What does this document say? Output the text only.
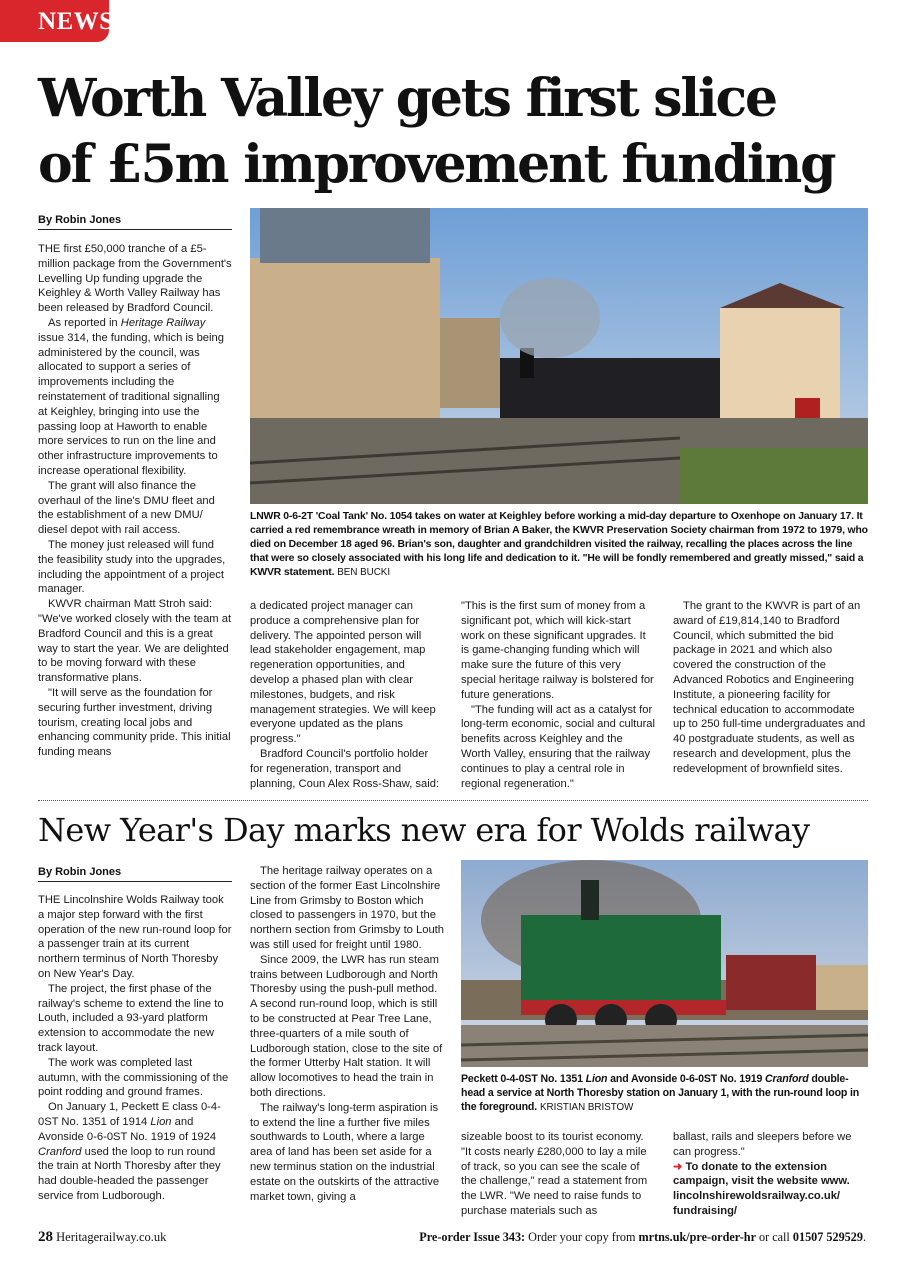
NEWS
Worth Valley gets first slice
of £5m improvement funding
By Robin Jones

THE first £50,000 tranche of a £5-million package from the Government's Levelling Up funding upgrade the Keighley & Worth Valley Railway has been released by Bradford Council.

As reported in Heritage Railway issue 314, the funding, which is being administered by the council, was allocated to support a series of improvements including the reinstatement of traditional signalling at Keighley, bringing into use the passing loop at Haworth to enable more services to run on the line and other infrastructure improvements to increase operational flexibility.

The grant will also finance the overhaul of the line's DMU fleet and the establishment of a new DMU/ diesel depot with rail access.

The money just released will fund the feasibility study into the upgrades, including the appointment of a project manager.

KWVR chairman Matt Stroh said: "We've worked closely with the team at Bradford Council and this is a great way to start the year. We are delighted to be moving forward with these transformative plans.

"It will serve as the foundation for securing further investment, driving tourism, creating local jobs and enhancing community pride. This initial funding means

LNWR 0-6-2T 'Coal Tank' No. 1054 takes on water at Keighley before working a mid-day departure to Oxenhope on January 17. It carried a red remembrance wreath in memory of Brian A Baker, the KWVR Preservation Society chairman from 1972 to 1979, who died on December 18 aged 96. Brian's son, daughter and grandchildren visited the railway, recalling the places across the line that were so closely associated with his long life and dedication to it. "He will be fondly remembered and greatly missed," said a KWVR statement. BEN BUCKI

a dedicated project manager can produce a comprehensive plan for delivery. The appointed person will lead stakeholder engagement, map regeneration opportunities, and develop a phased plan with clear milestones, budgets, and risk management strategies. We will keep everyone updated as the plans progress."

Bradford Council's portfolio holder for regeneration, transport and planning, Coun Alex Ross-Shaw, said:

"This is the first sum of money from a significant pot, which will kick-start work on these significant upgrades. It is game-changing funding which will make sure the future of this very special heritage railway is bolstered for future generations.

"The funding will act as a catalyst for long-term economic, social and cultural benefits across Keighley and the Worth Valley, ensuring that the railway continues to play a central role in regional regeneration."

The grant to the KWVR is part of an award of £19,814,140 to Bradford Council, which submitted the bid package in 2021 and which also covered the construction of the Advanced Robotics and Engineering Institute, a pioneering facility for technical education to accommodate up to 250 full-time undergraduates and 40 postgraduate students, as well as research and development, plus the redevelopment of brownfield sites.

New Year's Day marks new era for Wolds railway
By Robin Jones

THE Lincolnshire Wolds Railway took a major step forward with the first operation of the new run-round loop for a passenger train at its current northern terminus of North Thoresby on New Year's Day.

The project, the first phase of the railway's scheme to extend the line to Louth, included a 93-yard platform extension to accommodate the new track layout.

The work was completed last autumn, with the commissioning of the point rodding and ground frames.

On January 1, Peckett E class 0-4-0ST No. 1351 of 1914 Lion and Avonside 0-6-0ST No. 1919 of 1924 Cranford used the loop to run round the train at North Thoresby after they had double-headed the passenger service from Ludborough.

The heritage railway operates on a section of the former East Lincolnshire Line from Grimsby to Boston which closed to passengers in 1970, but the northern section from Grimsby to Louth was still used for freight until 1980.

Since 2009, the LWR has run steam trains between Ludborough and North Thoresby using the push-pull method. A second run-round loop, which is still to be constructed at Pear Tree Lane, three-quarters of a mile south of Ludborough station, close to the site of the former Utterby Halt station. It will allow locomotives to head the train in both directions.

The railway's long-term aspiration is to extend the line a further five miles southwards to Louth, where a large area of land has been set aside for a new terminus station on the industrial estate on the outskirts of the attractive market town, giving a

Peckett 0-4-0ST No. 1351 Lion and Avonside 0-6-0ST No. 1919 Cranford double-head a service at North Thoresby station on January 1, with the run-round loop in the foreground. KRISTIAN BRISTOW

sizeable boost to its tourist economy. "It costs nearly £280,000 to lay a mile of track, so you can see the scale of the challenge," read a statement from the LWR. "We need to raise funds to purchase materials such as

ballast, rails and sleepers before we can progress."

➜ To donate to the extension campaign, visit the website www. lincolnshirewoldsrailway.co.uk/ fundraising/

28 Heritagerailway.co.uk	Pre-order Issue 343: Order your copy from mrtns.uk/pre-order-hr or call 01507 529529.
